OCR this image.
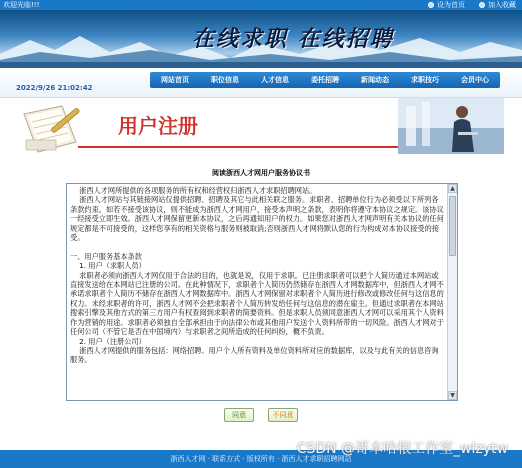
欢迎光临!!!	设为首页	加入收藏
在线求职 在线招聘
2022/9/26 21:02:42
网站首页	职位信息	人才信息	委托招聘	新闻动态	求职技巧	会员中心
用户注册
阅读浙西人才网用户服务协议书
浙西人才网所提供的各项服务的所有权和经营权归浙西人才求职招聘网站。
浙西人才网站与其链接网站仅提供招聘、招聘及其它与此相关联之服务。求职者、招聘单位行为必须受以下所列各条款约束。如若不接受该协议，则不能成为浙西人才网用户，接受本声明之条款，表明你将遵守本协议之规定。该协议一经接受立即生效。浙西人才网保留更新本协议，之后再通知用户的权力。如果您对浙西人才网声明有关本协议的任何规定都是不可接受的，这样您享有的相关资格与服务则被取消;否则浙西人才网将默认您的行为构成对本协议接受的接受。

一、用户服务基本条款
1. 用户（求职人员）
求职者必须向浙西人才网仅用于合法的目的，也就是说，仅用于求职。已注册求职者可以把个人简历通过本网站或直接发送给在本网站已注册的公司。在此种情况下，求职者个人简历仍然储存在浙西人才网数据库中，但浙西人才网不承诺求职者个人简历不储存在浙西人才网数据库中。浙西人才网保留对求职者个人简历进行修改或修改任何与这信息的权力。未经求职者的许可，浙西人才网不会把求职者个人简历转发给任何与这信息的潜在雇主。但通过求职者在本网站搜索引擎及其他方式的第三方用户有权查阅到求职者的简要资料。但是求职人员须同意浙西人才网可以采用其个人资料作为营销的用途。求职者必须独自全部承担由于向法律公布或其他用户发送个人资料所带的一切风险。浙西人才网对于任何公司（不管它是否在中国境内）与求职者之间所造成的任何纠纷，概不负责。
2. 用户（注册公司）
浙西人才网提供的服务包括：网络招聘、用户个人所有资料及单位资料所对应的数据库，以及与此有关的信息咨询服务。
▲
▼
同意	不同意
浙西人才网 · 联系方式 · 版权所有 · 浙西人才求职招聘网站
CSDN @哥本哈根工作室_wlzytw
